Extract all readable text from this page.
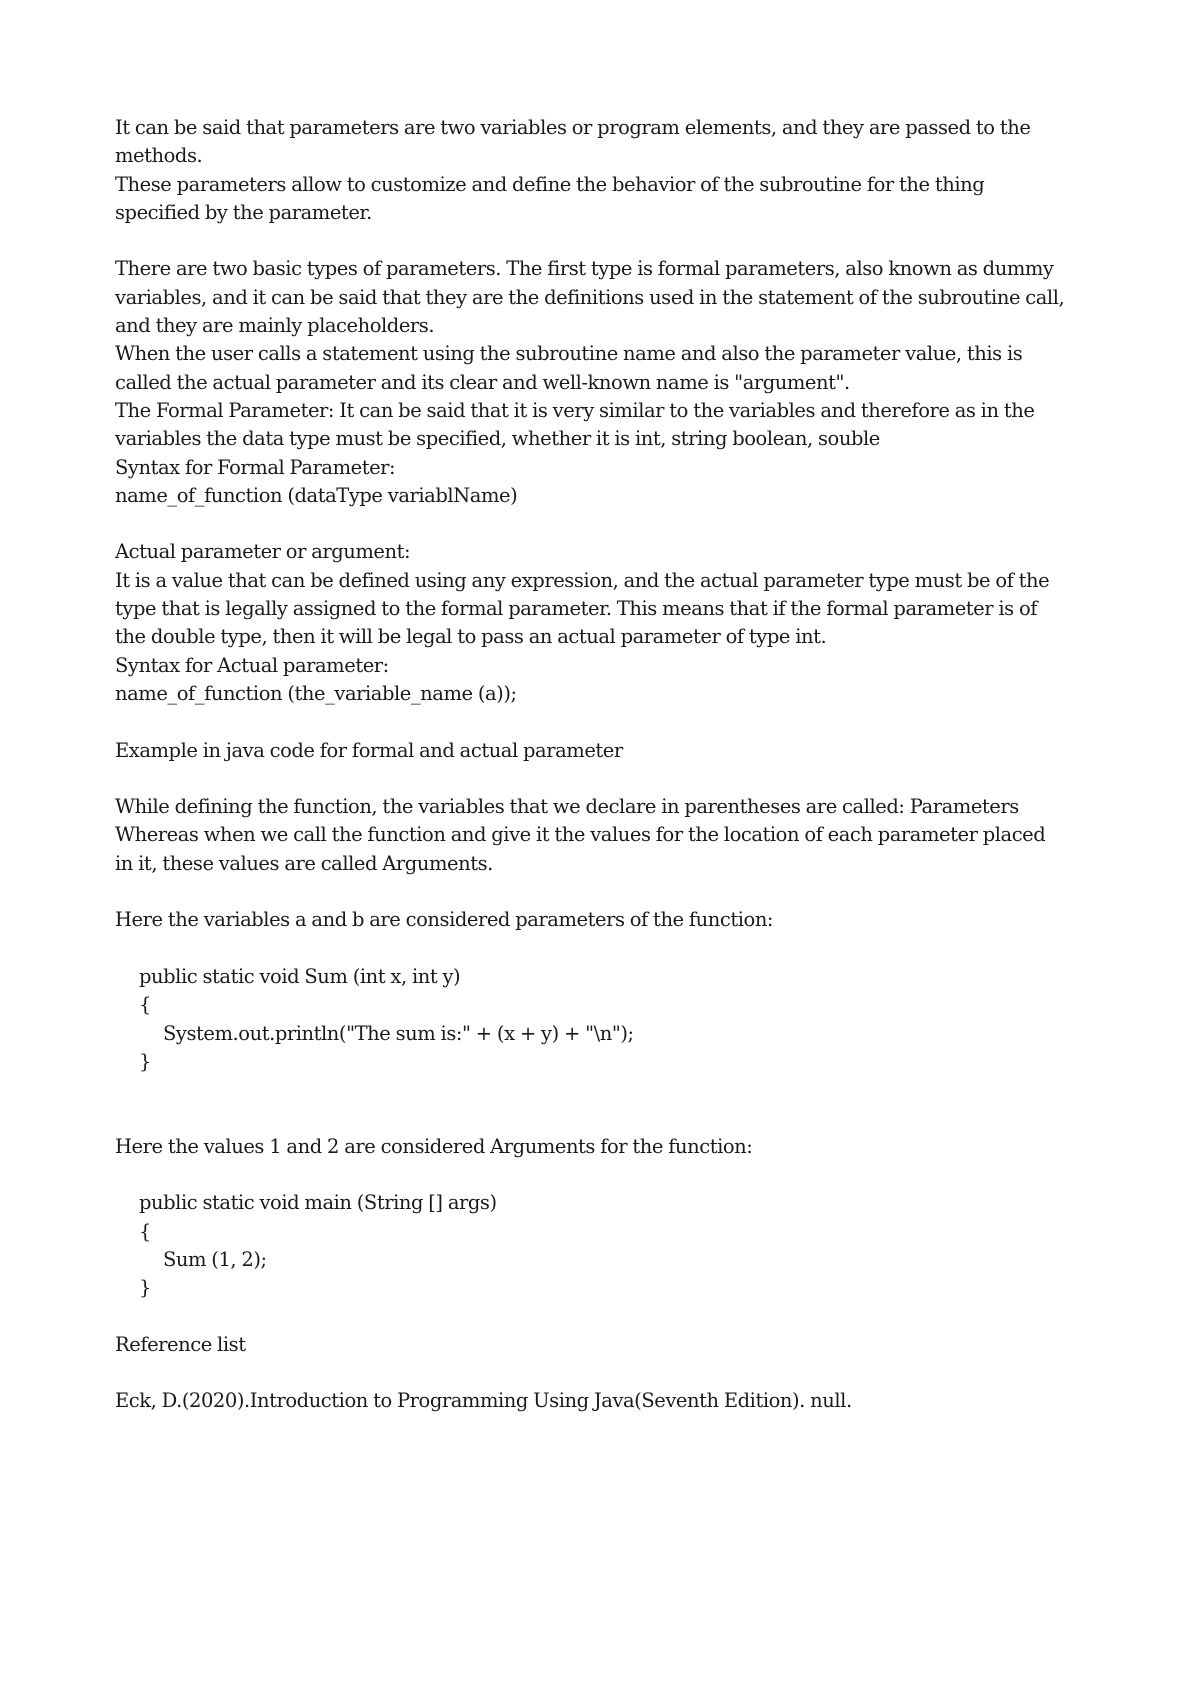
It can be said that parameters are two variables or program elements, and they are passed to the
methods.
These parameters allow to customize and define the behavior of the subroutine for the thing
specified by the parameter.
There are two basic types of parameters. The first type is formal parameters, also known as dummy
variables, and it can be said that they are the definitions used in the statement of the subroutine call,
and they are mainly placeholders.
When the user calls a statement using the subroutine name and also the parameter value, this is
called the actual parameter and its clear and well-known name is "argument".
The Formal Parameter: It can be said that it is very similar to the variables and therefore as in the
variables the data type must be specified, whether it is int, string boolean, souble
Syntax for Formal Parameter:
name_of_function (dataType variablName)
Actual parameter or argument:
It is a value that can be defined using any expression, and the actual parameter type must be of the
type that is legally assigned to the formal parameter. This means that if the formal parameter is of
the double type, then it will be legal to pass an actual parameter of type int.
Syntax for Actual parameter:
name_of_function (the_variable_name (a));
Example in java code for formal and actual parameter
While defining the function, the variables that we declare in parentheses are called: Parameters
Whereas when we call the function and give it the values for the location of each parameter placed
in it, these values are called Arguments.
Here the variables a and b are considered parameters of the function:
public static void Sum (int x, int y)
{
System.out.println("The sum is:" + (x + y) + "\n");
}
Here the values 1 and 2 are considered Arguments for the function:
public static void main (String [] args)
{
Sum (1, 2);
}
Reference list
Eck, D.(2020).Introduction to Programming Using Java(Seventh Edition). null.
